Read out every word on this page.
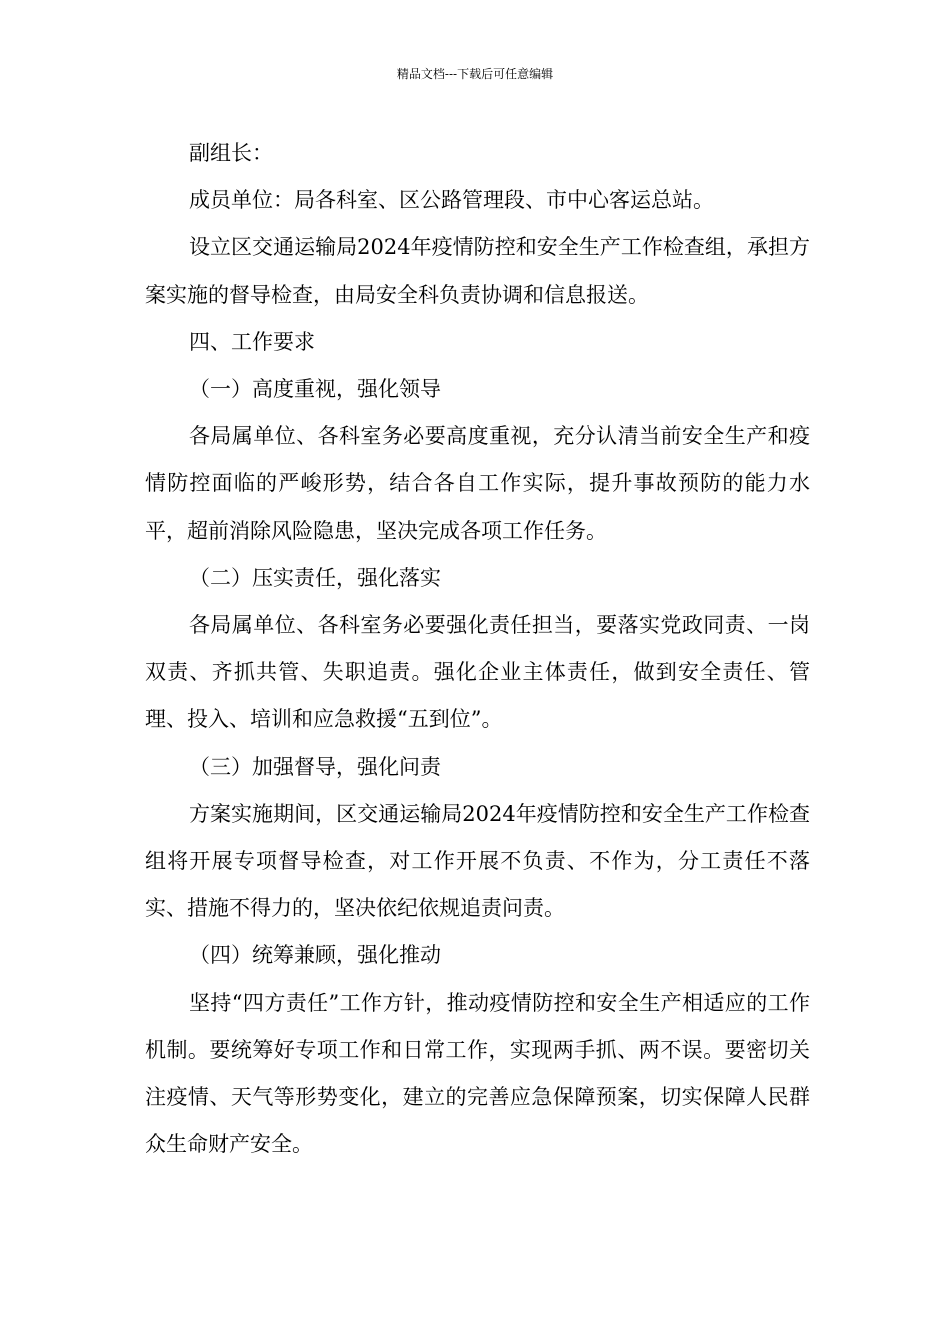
精品文档---下载后可任意编辑

副组长：

成员单位：局各科室、区公路管理段、市中心客运总站。

设立区交通运输局2024年疫情防控和安全生产工作检查组，承担方案实施的督导检查，由局安全科负责协调和信息报送。

四、工作要求

（一）高度重视，强化领导

各局属单位、各科室务必要高度重视，充分认清当前安全生产和疫情防控面临的严峻形势，结合各自工作实际，提升事故预防的能力水平，超前消除风险隐患，坚决完成各项工作任务。

（二）压实责任，强化落实

各局属单位、各科室务必要强化责任担当，要落实党政同责、一岗双责、齐抓共管、失职追责。强化企业主体责任，做到安全责任、管理、投入、培训和应急救援“五到位”。

（三）加强督导，强化问责

方案实施期间，区交通运输局2024年疫情防控和安全生产工作检查组将开展专项督导检查，对工作开展不负责、不作为，分工责任不落实、措施不得力的，坚决依纪依规追责问责。

（四）统筹兼顾，强化推动

坚持“四方责任”工作方针，推动疫情防控和安全生产相适应的工作机制。要统筹好专项工作和日常工作，实现两手抓、两不误。要密切关注疫情、天气等形势变化，建立的完善应急保障预案，切实保障人民群众生命财产安全。
